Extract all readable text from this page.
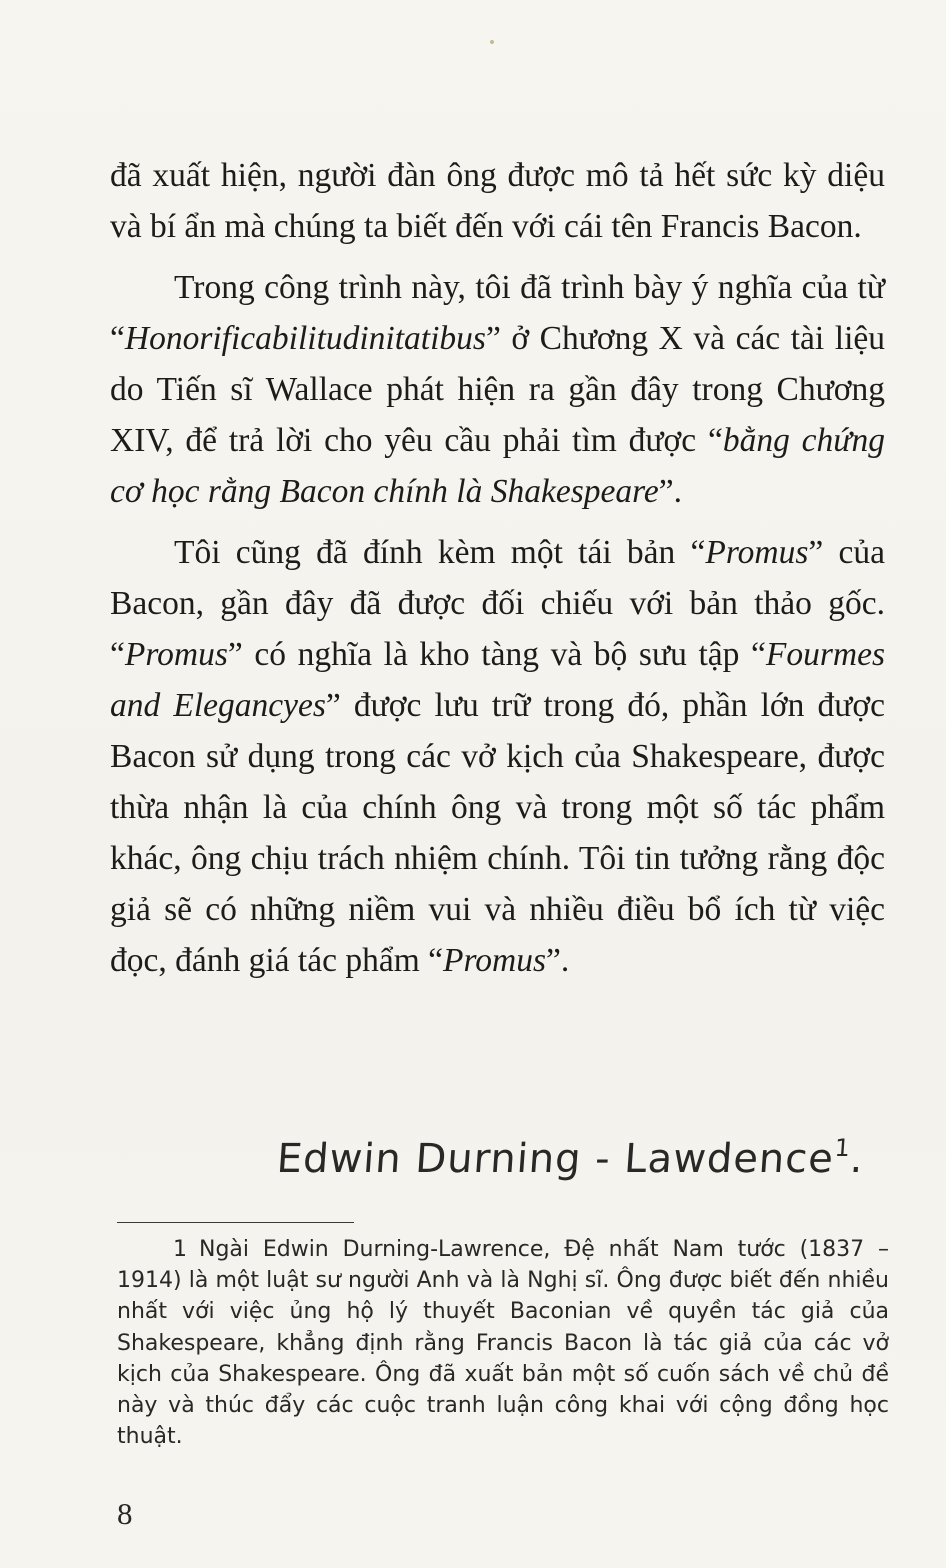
đã xuất hiện, người đàn ông được mô tả hết sức kỳ diệu và bí ẩn mà chúng ta biết đến với cái tên Francis Bacon.

Trong công trình này, tôi đã trình bày ý nghĩa của từ “Honorificabilitudinitatibus” ở Chương X và các tài liệu do Tiến sĩ Wallace phát hiện ra gần đây trong Chương XIV, để trả lời cho yêu cầu phải tìm được “bằng chứng cơ học rằng Bacon chính là Shakespeare”.

Tôi cũng đã đính kèm một tái bản “Promus” của Bacon, gần đây đã được đối chiếu với bản thảo gốc. “Promus” có nghĩa là kho tàng và bộ sưu tập “Fourmes and Elegancyes” được lưu trữ trong đó, phần lớn được Bacon sử dụng trong các vở kịch của Shakespeare, được thừa nhận là của chính ông và trong một số tác phẩm khác, ông chịu trách nhiệm chính. Tôi tin tưởng rằng độc giả sẽ có những niềm vui và nhiều điều bổ ích từ việc đọc, đánh giá tác phẩm “Promus”.

Edwin Durning - Lawdence$^1$.
1 Ngài Edwin Durning-Lawrence, Đệ nhất Nam tước (1837 – 1914) là một luật sư người Anh và là Nghị sĩ. Ông được biết đến nhiều nhất với việc ủng hộ lý thuyết Baconian về quyền tác giả của Shakespeare, khẳng định rằng Francis Bacon là tác giả của các vở kịch của Shakespeare. Ông đã xuất bản một số cuốn sách về chủ đề này và thúc đẩy các cuộc tranh luận công khai với cộng đồng học thuật.
8
